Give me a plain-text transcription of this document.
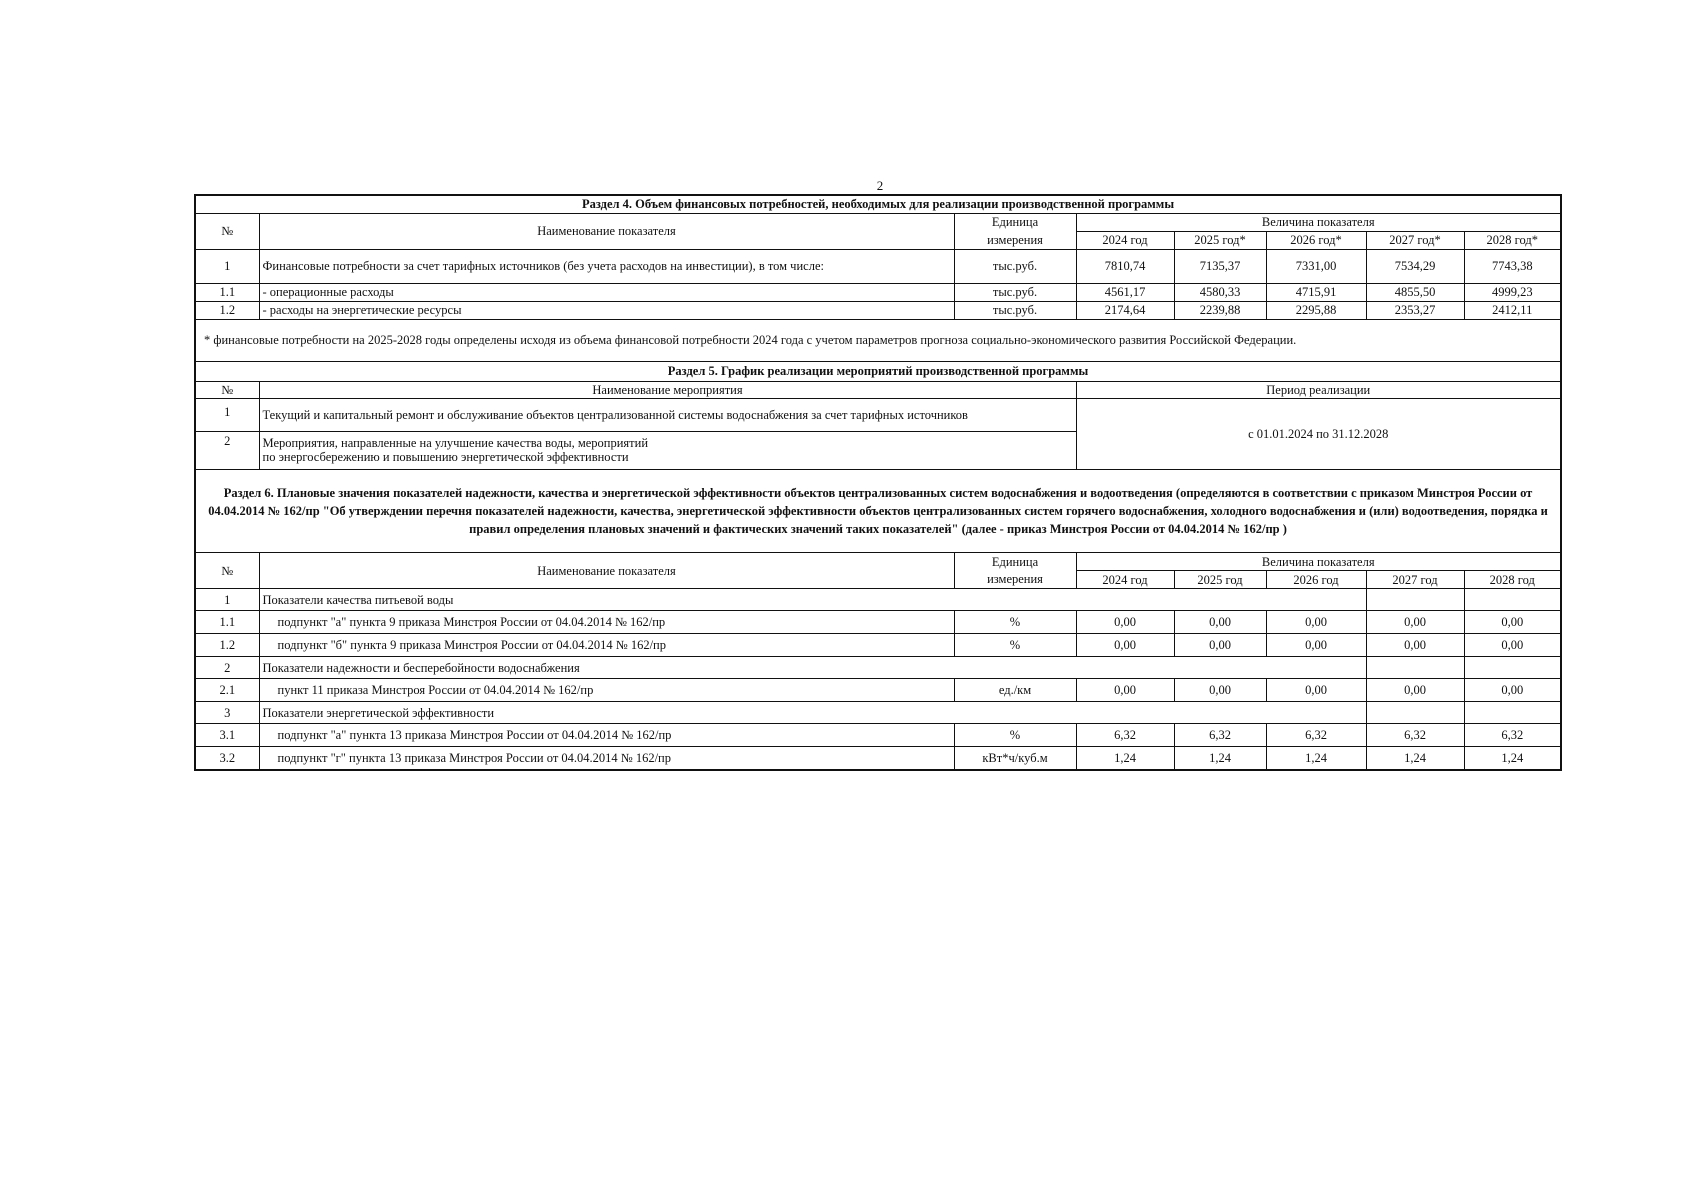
2
Раздел 4. Объем финансовых потребностей, необходимых для реализации производственной программы							
№	Наименование показателя	Единица	Величина показателя				
		измерения	2024 год	2025 год*	2026 год*	2027 год*	2028 год*
1	Финансовые потребности за счет тарифных источников (без учета расходов на инвестиции), в том числе:	тыс.руб.	7810,74	7135,37	7331,00	7534,29	7743,38
1.1	- операционные расходы	тыс.руб.	4561,17	4580,33	4715,91	4855,50	4999,23
1.2	- расходы на энергетические ресурсы	тыс.руб.	2174,64	2239,88	2295,88	2353,27	2412,11
* финансовые потребности на 2025-2028 годы определены исходя из объема финансовой потребности 2024 года с учетом параметров прогноза социально-экономического развития Российской Федерации.							
Раздел 5. График реализации мероприятий производственной программы							
№	Наименование мероприятия		Период реализации				
1	Текущий и капитальный ремонт и обслуживание объектов централизованной системы водоснабжения за счет тарифных источников		с 01.01.2024 по 31.12.2028				
2	Мероприятия, направленные на улучшение качества воды, мероприятий
по энергосбережению и повышению энергетической эффективности						

Раздел 6. Плановые значения показателей надежности, качества и энергетической эффективности объектов централизованных систем водоснабжения и водоотведения (определяются в соответствии с приказом Минстроя России от 04.04.2014 № 162/пр "Об утверждении перечня показателей надежности, качества, энергетической эффективности объектов централизованных систем горячего водоснабжения, холодного водоснабжения и (или) водоотведения, порядка и правил определения плановых значений и фактических значений таких показателей" (далее - приказ Минстроя России от 04.04.2014 № 162/пр )							
№	Наименование показателя	Единица	Величина показателя				
		измерения	2024 год	2025 год	2026 год	2027 год	2028 год
1	Показатели качества питьевой воды						
1.1	подпункт "а" пункта 9 приказа Минстроя России от 04.04.2014 № 162/пр	%	0,00	0,00	0,00	0,00	0,00
1.2	подпункт "б" пункта 9 приказа Минстроя России от 04.04.2014 № 162/пр	%	0,00	0,00	0,00	0,00	0,00
2	Показатели надежности и бесперебойности водоснабжения						
2.1	пункт 11 приказа Минстроя России от 04.04.2014 № 162/пр	ед./км	0,00	0,00	0,00	0,00	0,00
3	Показатели энергетической эффективности						
3.1	подпункт "а" пункта 13 приказа Минстроя России от 04.04.2014 № 162/пр	%	6,32	6,32	6,32	6,32	6,32
3.2	подпункт "г" пункта 13 приказа Минстроя России от 04.04.2014 № 162/пр	кВт*ч/куб.м	1,24	1,24	1,24	1,24	1,24
